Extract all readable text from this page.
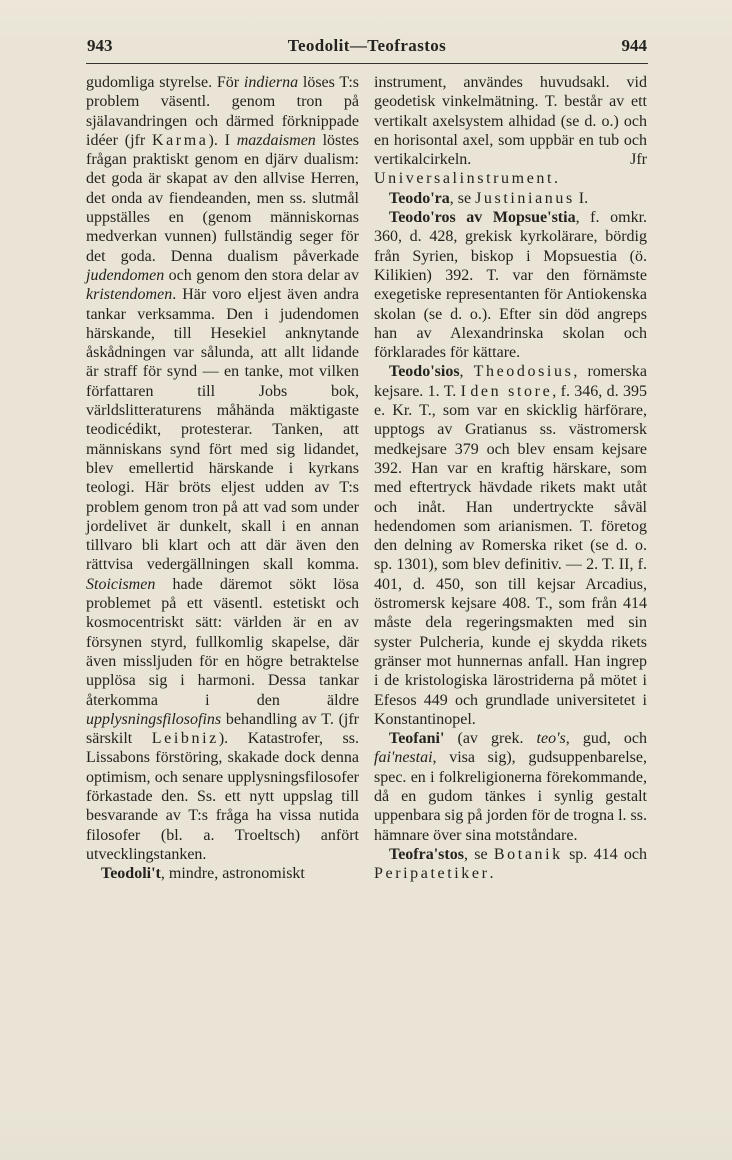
943	Teodolit—Teofrastos	944

gudomliga styrelse. För indierna löses T:s problem väsentl. genom tron på själavandringen och därmed förknippade idéer (jfr Karma). I mazdaismen löstes frågan praktiskt genom en djärv dualism: det goda är skapat av den allvise Herren, det onda av fiendeanden, men ss. slutmål uppställes en (genom människornas medverkan vunnen) fullständig seger för det goda. Denna dualism påverkade judendomen och genom den stora delar av kristendomen. Här voro eljest även andra tankar verksamma. Den i judendomen härskande, till Hesekiel anknytande åskådningen var sålunda, att allt lidande är straff för synd — en tanke, mot vilken författaren till Jobs bok, världslitteraturens måhända mäktigaste teodicédikt, protesterar. Tanken, att människans synd fört med sig lidandet, blev emellertid härskande i kyrkans teologi. Här bröts eljest udden av T:s problem genom tron på att vad som under jordelivet är dunkelt, skall i en annan tillvaro bli klart och att där även den rättvisa vedergällningen skall komma. Stoicismen hade däremot sökt lösa problemet på ett väsentl. estetiskt och kosmocentriskt sätt: världen är en av försynen styrd, fullkomlig skapelse, där även missljuden för en högre betraktelse upplösa sig i harmoni. Dessa tankar återkomma i den äldre upplysningsfilosofins behandling av T. (jfr särskilt Leibniz). Katastrofer, ss. Lissabons förstöring, skakade dock denna optimism, och senare upplysningsfilosofer förkastade den. Ss. ett nytt uppslag till besvarande av T:s fråga ha vissa nutida filosofer (bl. a. Troeltsch) anfört utvecklingstanken.

Teodoli't, mindre, astronomiskt

instrument, användes huvudsakl. vid geodetisk vinkelmätning. T. består av ett vertikalt axelsystem alhidad (se d. o.) och en horisontal axel, som uppbär en tub och vertikalcirkeln. Jfr Universalinstrument.

Teodo'ra, se Justinianus I.

Teodo'ros av Mopsue'stia, f. omkr. 360, d. 428, grekisk kyrkolärare, bördig från Syrien, biskop i Mopsuestia (ö. Kilikien) 392. T. var den förnämste exegetiske representanten för Antiokenska skolan (se d. o.). Efter sin död angreps han av Alexandrinska skolan och förklarades för kättare.

Teodo'sios, Theodosius, romerska kejsare. 1. T. I den store, f. 346, d. 395 e. Kr. T., som var en skicklig härförare, upptogs av Gratianus ss. västromersk medkejsare 379 och blev ensam kejsare 392. Han var en kraftig härskare, som med eftertryck hävdade rikets makt utåt och inåt. Han undertryckte såväl hedendomen som arianismen. T. företog den delning av Romerska riket (se d. o. sp. 1301), som blev definitiv. — 2. T. II, f. 401, d. 450, son till kejsar Arcadius, östromersk kejsare 408. T., som från 414 måste dela regeringsmakten med sin syster Pulcheria, kunde ej skydda rikets gränser mot hunnernas anfall. Han ingrep i de kristologiska lärostriderna på mötet i Efesos 449 och grundlade universitetet i Konstantinopel.

Teofani' (av grek. teo's, gud, och fai'nestai, visa sig), gudsuppenbarelse, spec. en i folkreligionerna förekommande, då en gudom tänkes i synlig gestalt uppenbara sig på jorden för de trogna l. ss. hämnare över sina motståndare.

Teofra'stos, se Botanik sp. 414 och Peripatetiker.
